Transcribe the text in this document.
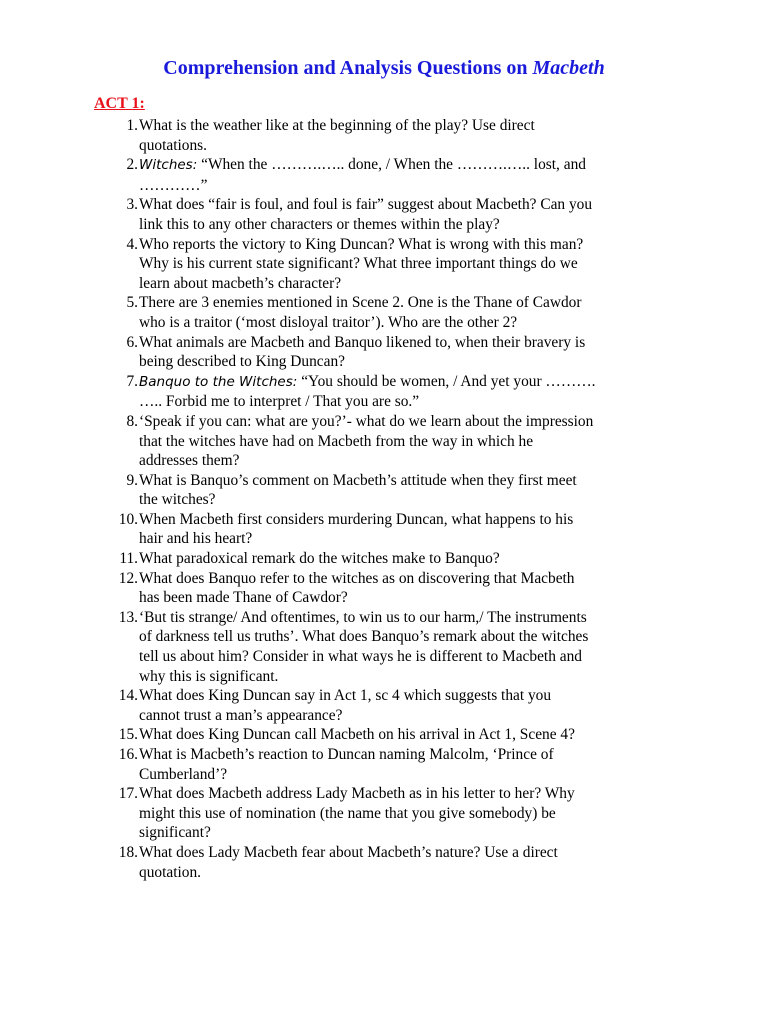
Comprehension and Analysis Questions on Macbeth
ACT 1:
1. What is the weather like at the beginning of the play? Use direct
quotations.
2. Witches: “When the ……….….. done, / When the ……….….. lost, and
…………”
3. What does “fair is foul, and foul is fair” suggest about Macbeth? Can you
link this to any other characters or themes within the play?
4. Who reports the victory to King Duncan? What is wrong with this man?
Why is his current state significant? What three important things do we
learn about macbeth’s character?
5. There are 3 enemies mentioned in Scene 2. One is the Thane of Cawdor
who is a traitor (‘most disloyal traitor’). Who are the other 2?
6. What animals are Macbeth and Banquo likened to, when their bravery is
being described to King Duncan?
7. Banquo to the Witches: “You should be women, / And yet your ……….
….. Forbid me to interpret / That you are so.”
8. ‘Speak if you can: what are you?’- what do we learn about the impression
that the witches have had on Macbeth from the way in which he
addresses them?
9. What is Banquo’s comment on Macbeth’s attitude when they first meet
the witches?
10. When Macbeth first considers murdering Duncan, what happens to his
hair and his heart?
11. What paradoxical remark do the witches make to Banquo?
12. What does Banquo refer to the witches as on discovering that Macbeth
has been made Thane of Cawdor?
13. ‘But tis strange/ And oftentimes, to win us to our harm,/ The instruments
of darkness tell us truths’. What does Banquo’s remark about the witches
tell us about him? Consider in what ways he is different to Macbeth and
why this is significant.
14. What does King Duncan say in Act 1, sc 4 which suggests that you
cannot trust a man’s appearance?
15. What does King Duncan call Macbeth on his arrival in Act 1, Scene 4?
16. What is Macbeth’s reaction to Duncan naming Malcolm, ‘Prince of
Cumberland’?
17. What does Macbeth address Lady Macbeth as in his letter to her? Why
might this use of nomination (the name that you give somebody) be
significant?
18. What does Lady Macbeth fear about Macbeth’s nature? Use a direct
quotation.
